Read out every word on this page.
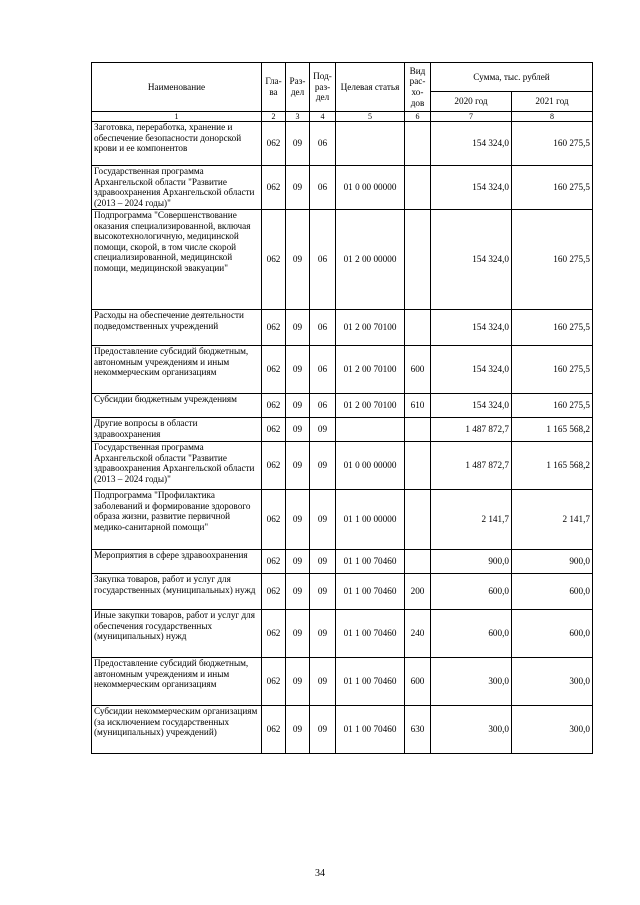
Наименование	Гла-ва	Раз-дел	Под-раз-дел	Целевая статья	Вид рас-хо-дов	Сумма, тыс. рублей	
						2020 год	2021 год
1	2	3	4	5	6	7	8
Заготовка, переработка, хранение и обеспечение безопасности донорской крови и ее компонентов	062	09	06			154 324,0	160 275,5
Государственная программа Архангельской области "Развитие здравоохранения Архангельской области (2013 – 2024 годы)"	062	09	06	01 0 00 00000		154 324,0	160 275,5
Подпрограмма "Совершенствование оказания специализированной, включая высокотехнологичную, медицинской помощи, скорой, в том числе скорой специализированной, медицинской помощи, медицинской эвакуации"	062	09	06	01 2 00 00000		154 324,0	160 275,5
Расходы на обеспечение деятельности подведомственных учреждений	062	09	06	01 2 00 70100		154 324,0	160 275,5
Предоставление субсидий бюджетным, автономным учреждениям и иным некоммерческим организациям	062	09	06	01 2 00 70100	600	154 324,0	160 275,5
Субсидии бюджетным учреждениям	062	09	06	01 2 00 70100	610	154 324,0	160 275,5
Другие вопросы в области здравоохранения	062	09	09			1 487 872,7	1 165 568,2
Государственная программа Архангельской области "Развитие здравоохранения Архангельской области (2013 – 2024 годы)"	062	09	09	01 0 00 00000		1 487 872,7	1 165 568,2
Подпрограмма "Профилактика заболеваний и формирование здорового образа жизни, развитие первичной медико-санитарной помощи"	062	09	09	01 1 00 00000		2 141,7	2 141,7
Мероприятия в сфере здравоохранения	062	09	09	01 1 00 70460		900,0	900,0
Закупка товаров, работ и услуг для государственных (муниципальных) нужд	062	09	09	01 1 00 70460	200	600,0	600,0
Иные закупки товаров, работ и услуг для обеспечения государственных (муниципальных) нужд	062	09	09	01 1 00 70460	240	600,0	600,0
Предоставление субсидий бюджетным, автономным учреждениям и иным некоммерческим организациям	062	09	09	01 1 00 70460	600	300,0	300,0
Субсидии некоммерческим организациям (за исключением государственных (муниципальных) учреждений)	062	09	09	01 1 00 70460	630	300,0	300,0
34
